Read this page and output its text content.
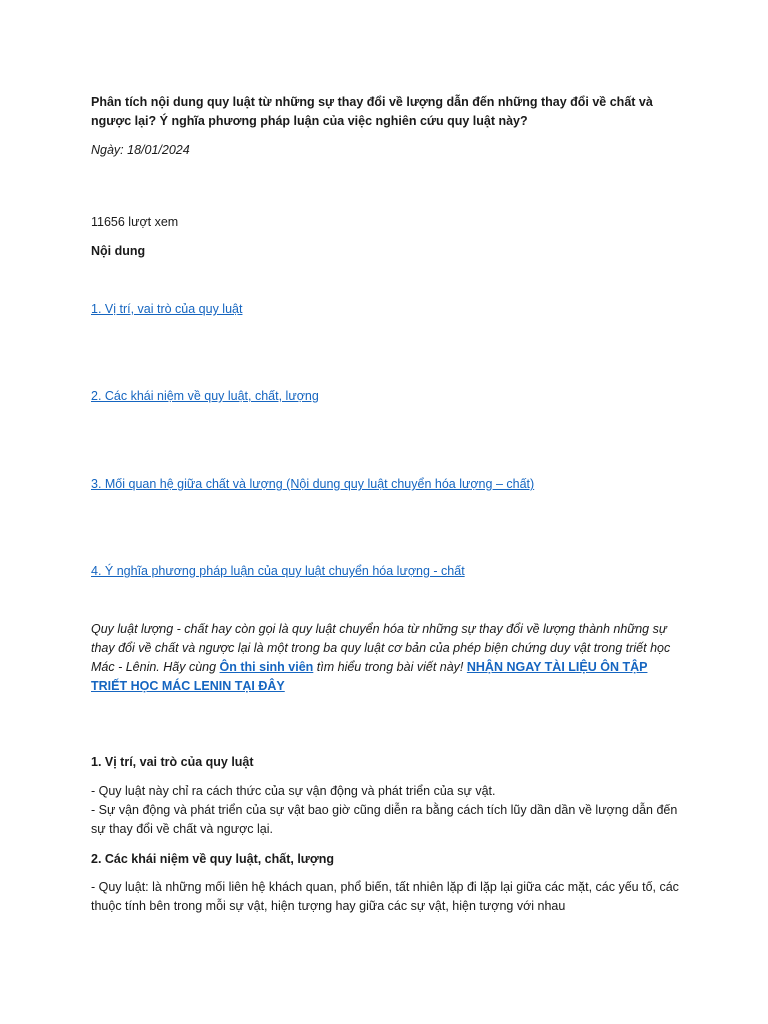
Phân tích nội dung quy luật từ những sự thay đổi về lượng dẫn đến những thay đổi về chất và ngược lại? Ý nghĩa phương pháp luận của việc nghiên cứu quy luật này?

Ngày: 18/01/2024

11656 lượt xem

Nội dung

1. Vị trí, vai trò của quy luật

2. Các khái niệm về quy luật, chất, lượng

3. Mối quan hệ giữa chất và lượng (Nội dung quy luật chuyển hóa lượng – chất)

4. Ý nghĩa phương pháp luận của quy luật chuyển hóa lượng - chất

Quy luật lượng - chất hay còn gọi là quy luật chuyển hóa từ những sự thay đổi về lượng thành những sự thay đổi về chất và ngược lại là một trong ba quy luật cơ bản của phép biện chứng duy vật trong triết học Mác - Lênin. Hãy cùng Ôn thi sinh viên tìm hiểu trong bài viết này! NHẬN NGAY TÀI LIỆU ÔN TẬP TRIẾT HỌC MÁC LENIN TẠI ĐÂY

1. Vị trí, vai trò của quy luật

- Quy luật này chỉ ra cách thức của sự vận động và phát triển của sự vật.
- Sự vận động và phát triển của sự vật bao giờ cũng diễn ra bằng cách tích lũy dần dần về lượng dẫn đến sự thay đổi về chất và ngược lại.

2. Các khái niệm về quy luật, chất, lượng

- Quy luật: là những mối liên hệ khách quan, phổ biến, tất nhiên lặp đi lặp lại giữa các mặt, các yếu tố, các thuộc tính bên trong mỗi sự vật, hiện tượng hay giữa các sự vật, hiện tượng với nhau
